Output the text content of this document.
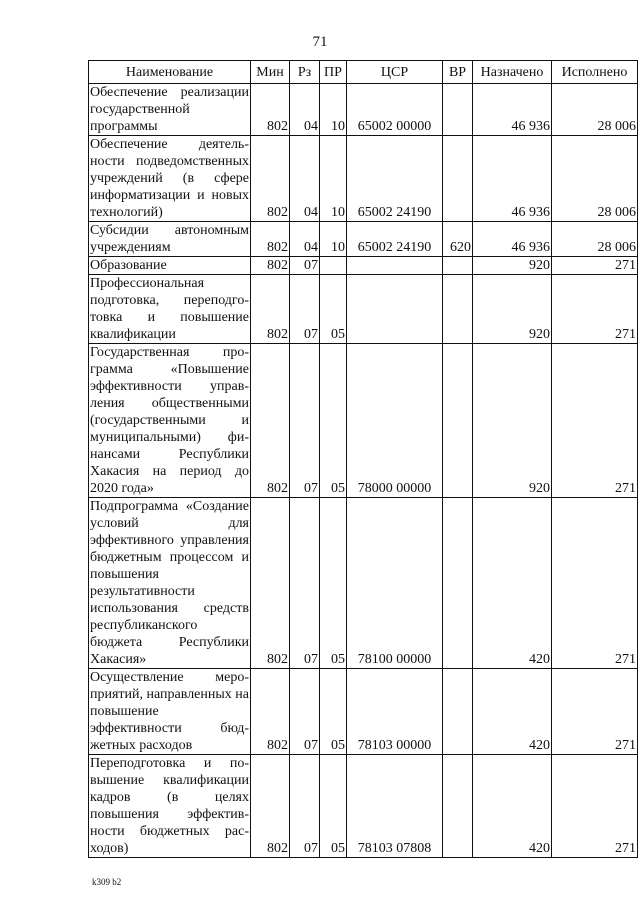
71
Наименование	Мин	Рз	ПР	ЦСР	ВР	Назначено	Исполнено
Обеспечение реализации государственной программы	802	04	10	65002 00000		46 936	28 006
Обеспечение деятельности подведомственных учреждений (в сфере информатизации и новых технологий)	802	04	10	65002 24190		46 936	28 006
Субсидии автономным учреждениям	802	04	10	65002 24190	620	46 936	28 006
Образование	802	07				920	271
Профессиональная подготовка, переподготовка и повышение квалификации	802	07	05			920	271
Государственная программа «Повышение эффективности управления общественными (государственными и муниципальными) финансами Республики Хакасия на период до 2020 года»	802	07	05	78000 00000		920	271
Подпрограмма «Создание условий для эффективного управления бюджетным процессом и повышения результативности использования средств республиканского бюджета Республики Хакасия»	802	07	05	78100 00000		420	271
Осуществление мероприятий, направленных на повышение эффективности бюджетных расходов	802	07	05	78103 00000		420	271
Переподготовка и повышение квалификации кадров (в целях повышения эффективности бюджетных расходов)	802	07	05	78103 07808		420	271
k309 b2
